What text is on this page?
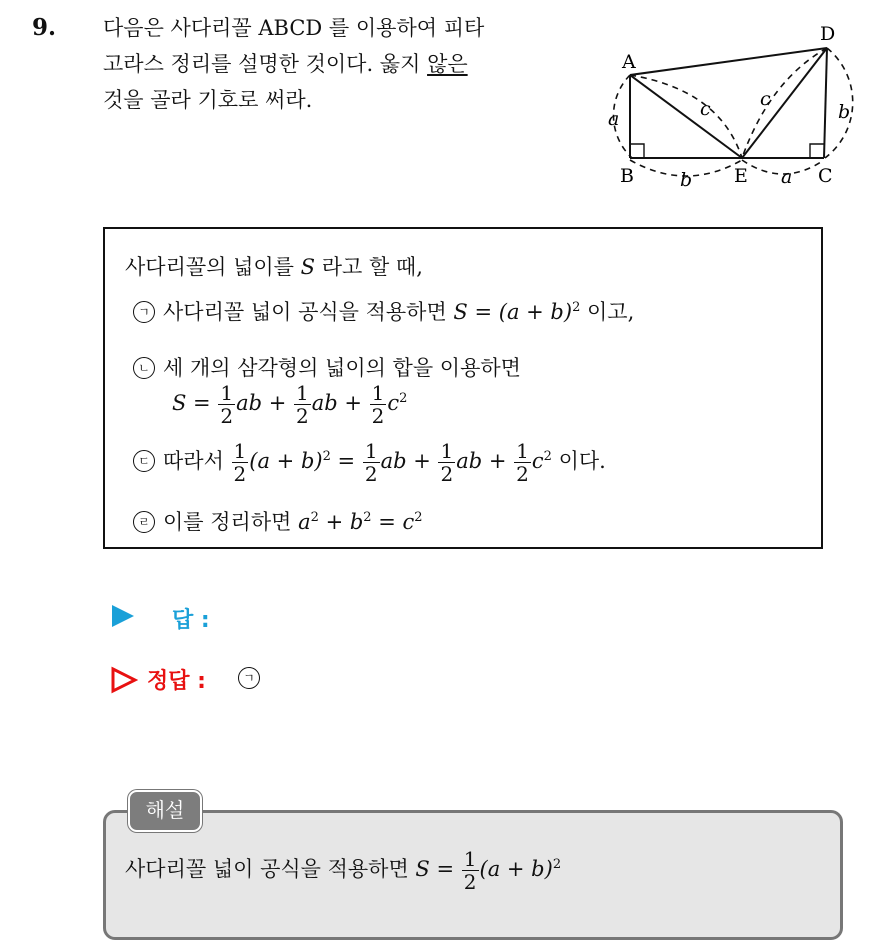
9. 다음은 사다리꼴 ABCD 를 이용하여 피타
고라스 정리를 설명한 것이다. 옳지 않은
것을 골라 기호로 써라.
A
D
B	E	C
a	b
c	c
b	a
사다리꼴의 넓이를 S 라고 할 때,
ㄱ 사다리꼴 넓이 공식을 적용하면 $S = (a + b)^2$ 이고,
ㄴ 세 개의 삼각형의 넓이의 합을 이용하면
$S = \frac{1}{2}$ ab + $\frac{1}{2}$ ab + $\frac{1}{2} c^2$
ㄷ 따라서 $\frac{1}{2} (a + b)^2 = \frac{1}{2}$ ab + $\frac{1}{2}$ ab + $\frac{1}{2} c^2$ 이다.
ㄹ 이를 정리하면 $a^2 + b^2 = c^2$
답 :
정답 :	ㄱ
해설
사다리꼴 넓이 공식을 적용하면 $S = \frac{1}{2} (a + b)^2$
